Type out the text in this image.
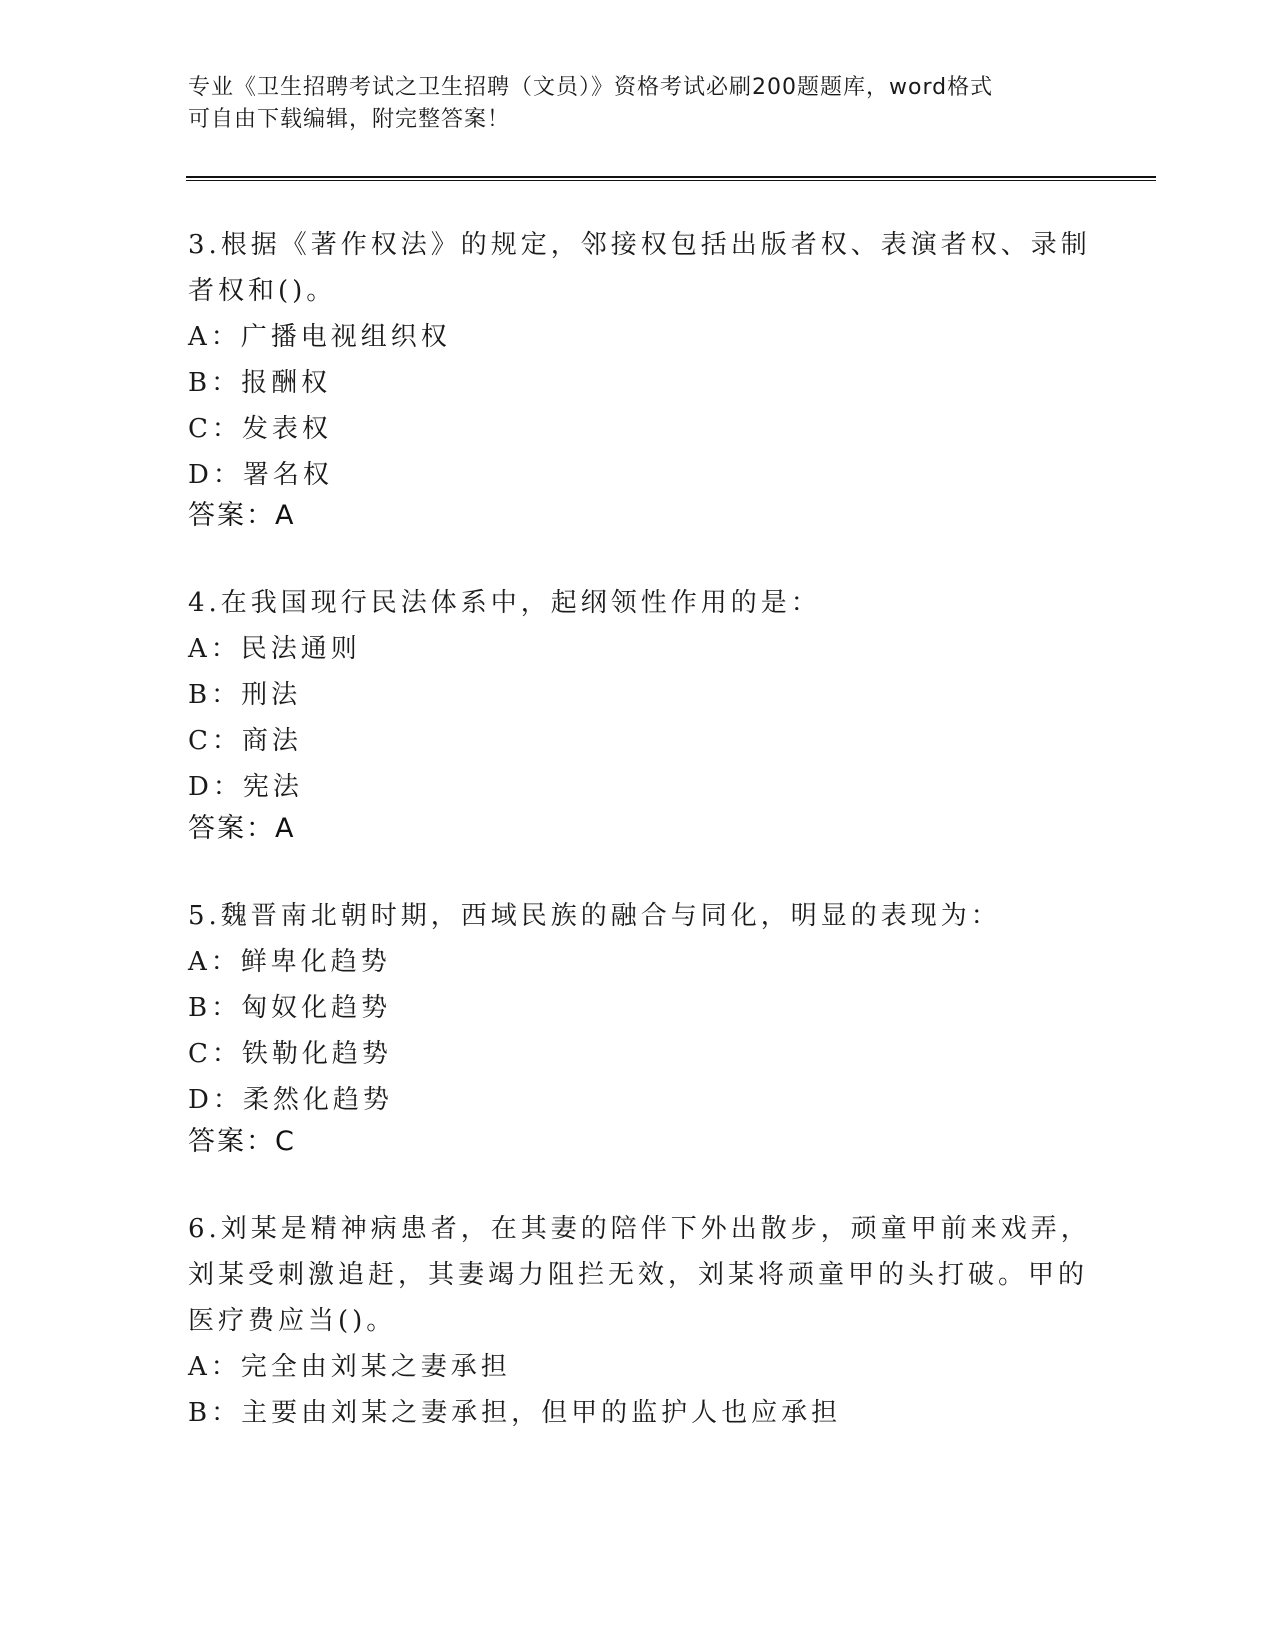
专业《卫生招聘考试之卫生招聘（文员）》资格考试必刷200题题库，word格式
可自由下载编辑，附完整答案！
3.根据《著作权法》的规定，邻接权包括出版者权、表演者权、录制
者权和()。
A：广播电视组织权
B：报酬权
C：发表权
D：署名权
答案：A
4.在我国现行民法体系中，起纲领性作用的是：
A：民法通则
B：刑法
C：商法
D：宪法
答案：A
5.魏晋南北朝时期，西域民族的融合与同化，明显的表现为：
A：鲜卑化趋势
B：匈奴化趋势
C：铁勒化趋势
D：柔然化趋势
答案：C
6.刘某是精神病患者，在其妻的陪伴下外出散步，顽童甲前来戏弄，
刘某受刺激追赶，其妻竭力阻拦无效，刘某将顽童甲的头打破。甲的
医疗费应当()。
A：完全由刘某之妻承担
B：主要由刘某之妻承担，但甲的监护人也应承担
